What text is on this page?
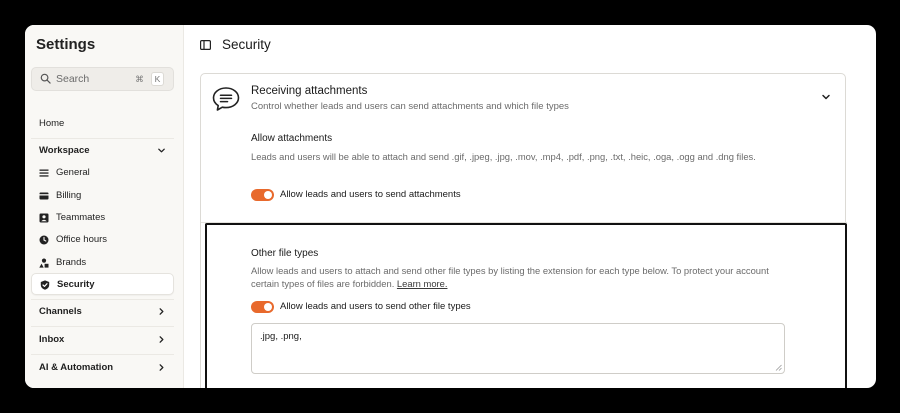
Settings
Search	⌘	K
Home
Workspace
General
Billing
Teammates
Office hours
Brands
Security
Channels
Inbox
AI & Automation
Security
Receiving attachments

Control whether leads and users can send attachments and which file types

Allow attachments

Leads and users will be able to attach and send .gif, .jpeg, .jpg, .mov, .mp4, .pdf, .png, .txt, .heic, .oga, .ogg and .dng files.

Allow leads and users to send attachments
Other file types

Allow leads and users to attach and send other file types by listing the extension for each type below. To protect your account certain types of files are forbidden. Learn more.

Allow leads and users to send other file types
.jpg, .png,
